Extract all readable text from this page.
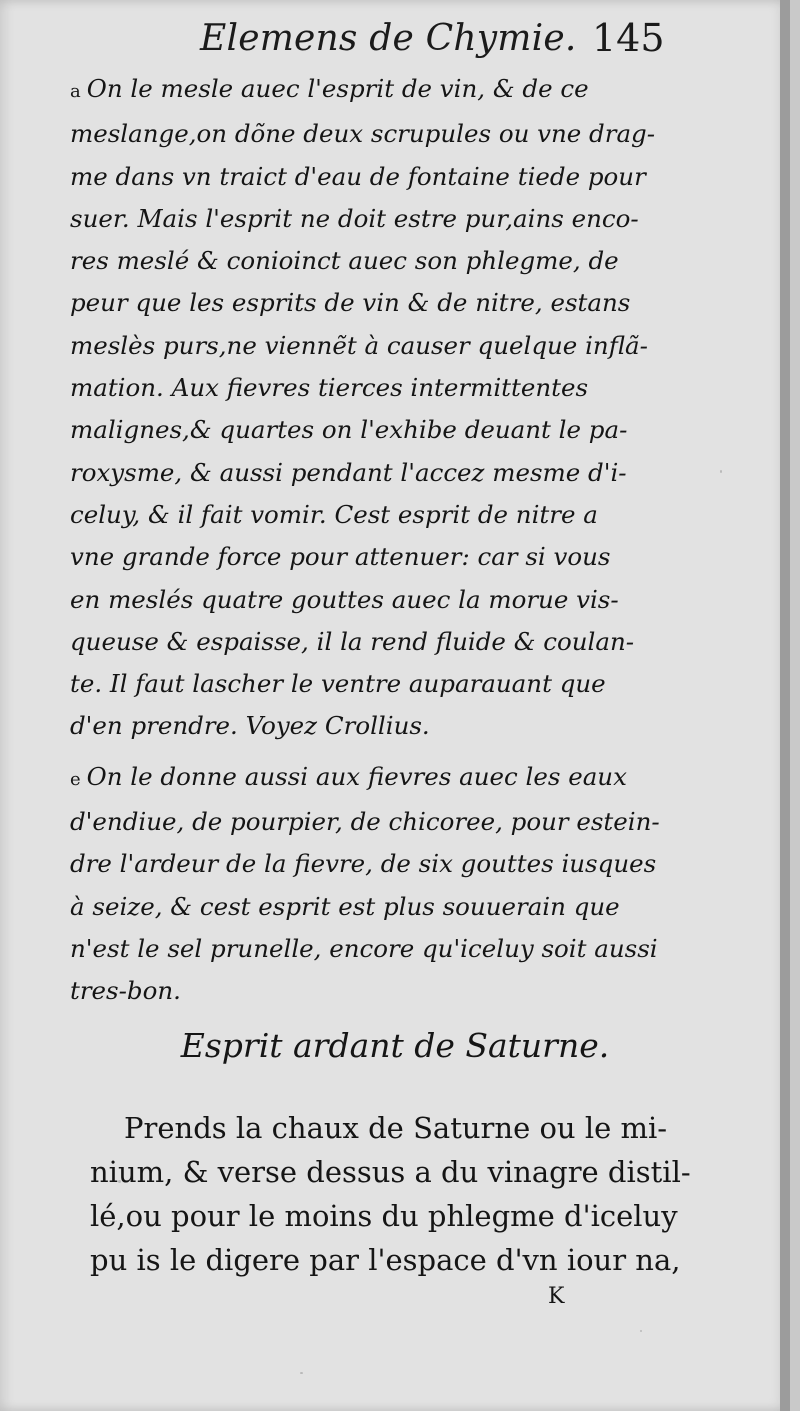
Elemens de Chymie. 145
a On le mesle auec l'esprit de vin, & de ce
meslange,on dõne deux scrupules ou vne drag-
me dans vn traict d'eau de fontaine tiede pour
suer. Mais l'esprit ne doit estre pur,ains enco-
res meslé & conioinct auec son phlegme, de
peur que les esprits de vin & de nitre, estans
meslès purs,ne viennẽt à causer quelque inflã-
mation. Aux fievres tierces intermittentes
malignes,& quartes on l'exhibe deuant le pa-
roxysme, & aussi pendant l'accez mesme d'i-
celuy, & il fait vomir. Cest esprit de nitre a
vne grande force pour attenuer: car si vous
en meslés quatre gouttes auec la morue vis-
queuse & espaisse, il la rend fluide & coulan-
te. Il faut lascher le ventre auparauant que
d'en prendre. Voyez Crollius.
e On le donne aussi aux fievres auec les eaux
d'endiue, de pourpier, de chicoree, pour estein-
dre l'ardeur de la fievre, de six gouttes iusques
à seize, & cest esprit est plus souuerain que
n'est le sel prunelle, encore qu'iceluy soit aussi
tres-bon.
Esprit ardant de Saturne.
Prends la chaux de Saturne ou le mi-
nium, & verse dessus a du vinagre distil-
lé,ou pour le moins du phlegme d'iceluy
pu is le digere par l'espace d'vn iour na,
K
